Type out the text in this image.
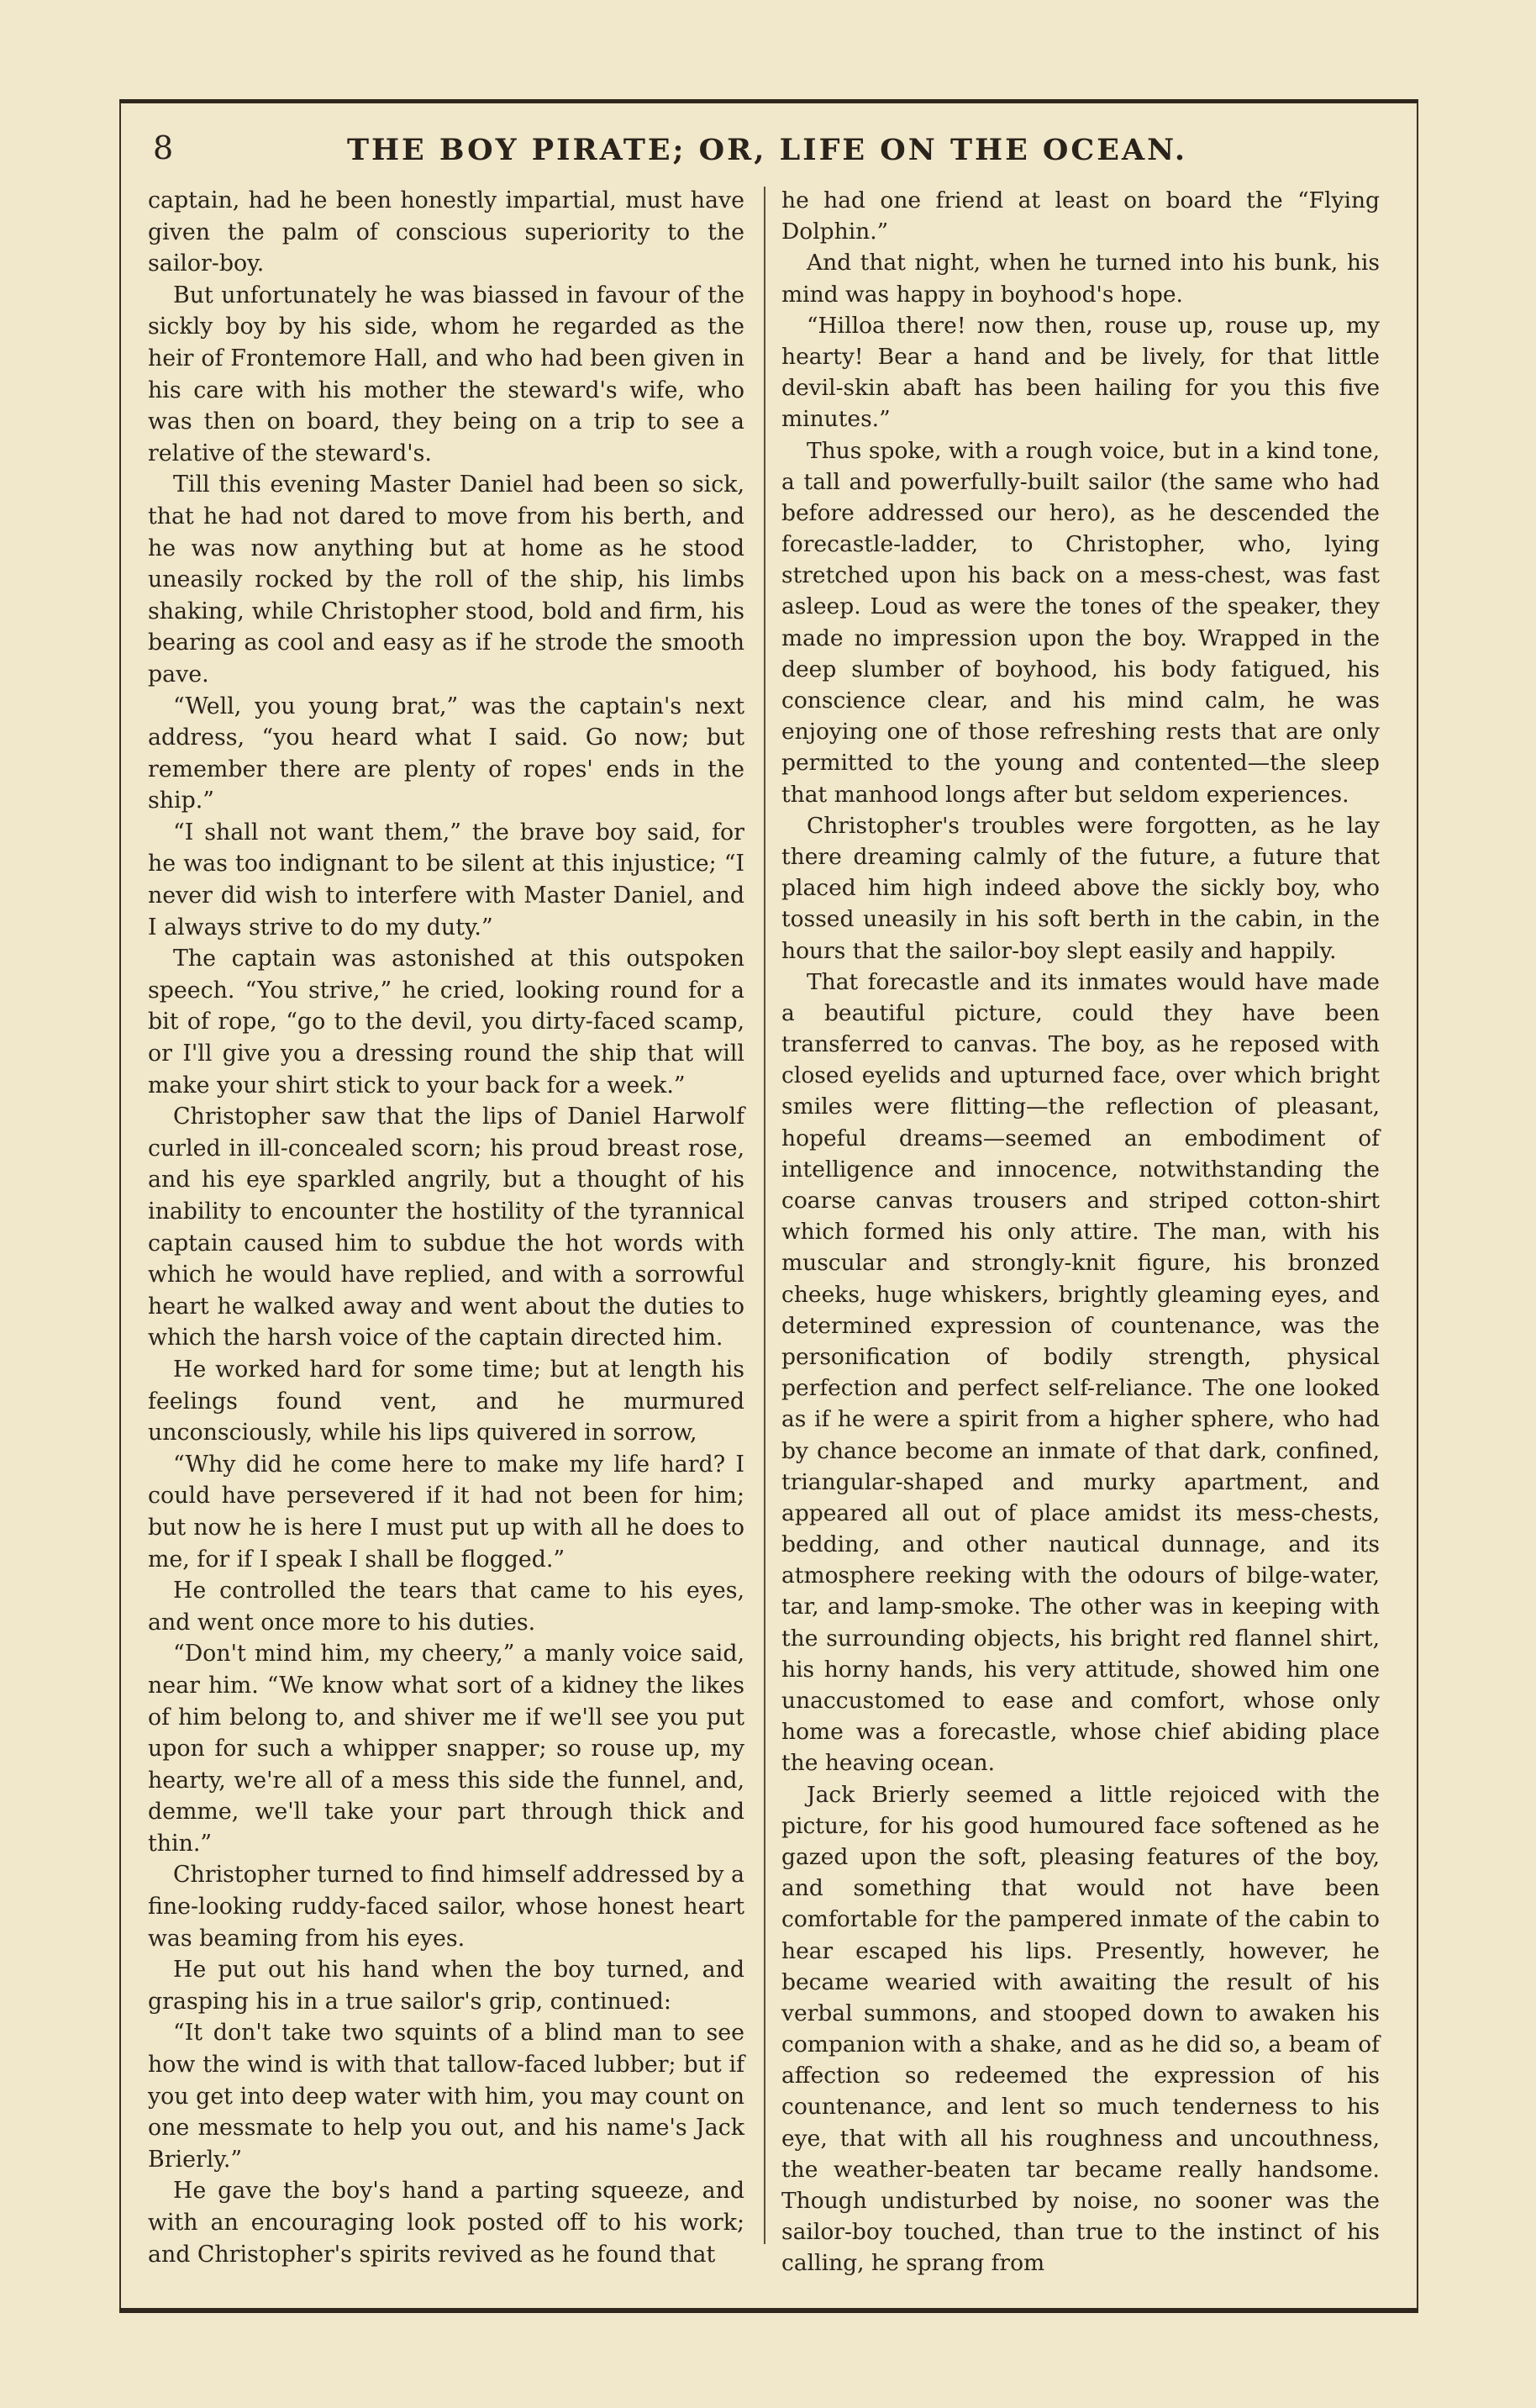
8	THE BOY PIRATE; OR, LIFE ON THE OCEAN.

captain, had he been honestly impartial, must have given the palm of conscious superiority to the sailor-boy.

But unfortunately he was biassed in favour of the sickly boy by his side, whom he regarded as the heir of Frontemore Hall, and who had been given in his care with his mother the steward's wife, who was then on board, they being on a trip to see a relative of the steward's.

Till this evening Master Daniel had been so sick, that he had not dared to move from his berth, and he was now anything but at home as he stood uneasily rocked by the roll of the ship, his limbs shaking, while Christopher stood, bold and firm, his bearing as cool and easy as if he strode the smooth pave.

“Well, you young brat,” was the captain's next address, “you heard what I said. Go now; but remember there are plenty of ropes' ends in the ship.”

“I shall not want them,” the brave boy said, for he was too indignant to be silent at this injustice; “I never did wish to interfere with Master Daniel, and I always strive to do my duty.”

The captain was astonished at this outspoken speech. “You strive,” he cried, looking round for a bit of rope, “go to the devil, you dirty-faced scamp, or I'll give you a dressing round the ship that will make your shirt stick to your back for a week.”

Christopher saw that the lips of Daniel Harwolf curled in ill-concealed scorn; his proud breast rose, and his eye sparkled angrily, but a thought of his inability to encounter the hostility of the tyrannical captain caused him to subdue the hot words with which he would have replied, and with a sorrowful heart he walked away and went about the duties to which the harsh voice of the captain directed him.

He worked hard for some time; but at length his feelings found vent, and he murmured unconsciously, while his lips quivered in sorrow,

“Why did he come here to make my life hard? I could have persevered if it had not been for him; but now he is here I must put up with all he does to me, for if I speak I shall be flogged.”

He controlled the tears that came to his eyes, and went once more to his duties.

“Don't mind him, my cheery,” a manly voice said, near him. “We know what sort of a kidney the likes of him belong to, and shiver me if we'll see you put upon for such a whipper snapper; so rouse up, my hearty, we're all of a mess this side the funnel, and, demme, we'll take your part through thick and thin.”

Christopher turned to find himself addressed by a fine-looking ruddy-faced sailor, whose honest heart was beaming from his eyes.

He put out his hand when the boy turned, and grasping his in a true sailor's grip, continued:

“It don't take two squints of a blind man to see how the wind is with that tallow-faced lubber; but if you get into deep water with him, you may count on one messmate to help you out, and his name's Jack Brierly.”

He gave the boy's hand a parting squeeze, and with an encouraging look posted off to his work; and Christopher's spirits revived as he found that

he had one friend at least on board the “Flying Dolphin.”

And that night, when he turned into his bunk, his mind was happy in boyhood's hope.

“Hilloa there! now then, rouse up, rouse up, my hearty! Bear a hand and be lively, for that little devil-skin abaft has been hailing for you this five minutes.”

Thus spoke, with a rough voice, but in a kind tone, a tall and powerfully-built sailor (the same who had before addressed our hero), as he descended the forecastle-ladder, to Christopher, who, lying stretched upon his back on a mess-chest, was fast asleep. Loud as were the tones of the speaker, they made no impression upon the boy. Wrapped in the deep slumber of boyhood, his body fatigued, his conscience clear, and his mind calm, he was enjoying one of those refreshing rests that are only permitted to the young and contented—the sleep that manhood longs after but seldom experiences.

Christopher's troubles were forgotten, as he lay there dreaming calmly of the future, a future that placed him high indeed above the sickly boy, who tossed uneasily in his soft berth in the cabin, in the hours that the sailor-boy slept easily and happily.

That forecastle and its inmates would have made a beautiful picture, could they have been transferred to canvas. The boy, as he reposed with closed eyelids and upturned face, over which bright smiles were flitting—the reflection of pleasant, hopeful dreams—seemed an embodiment of intelligence and innocence, notwithstanding the coarse canvas trousers and striped cotton-shirt which formed his only attire. The man, with his muscular and strongly-knit figure, his bronzed cheeks, huge whiskers, brightly gleaming eyes, and determined expression of countenance, was the personification of bodily strength, physical perfection and perfect self-reliance. The one looked as if he were a spirit from a higher sphere, who had by chance become an inmate of that dark, confined, triangular-shaped and murky apartment, and appeared all out of place amidst its mess-chests, bedding, and other nautical dunnage, and its atmosphere reeking with the odours of bilge-water, tar, and lamp-smoke. The other was in keeping with the surrounding objects, his bright red flannel shirt, his horny hands, his very attitude, showed him one unaccustomed to ease and comfort, whose only home was a forecastle, whose chief abiding place the heaving ocean.

Jack Brierly seemed a little rejoiced with the picture, for his good humoured face softened as he gazed upon the soft, pleasing features of the boy, and something that would not have been comfortable for the pampered inmate of the cabin to hear escaped his lips. Presently, however, he became wearied with awaiting the result of his verbal summons, and stooped down to awaken his companion with a shake, and as he did so, a beam of affection so redeemed the expression of his countenance, and lent so much tenderness to his eye, that with all his roughness and uncouthness, the weather-beaten tar became really handsome. Though undisturbed by noise, no sooner was the sailor-boy touched, than true to the instinct of his calling, he sprang from
